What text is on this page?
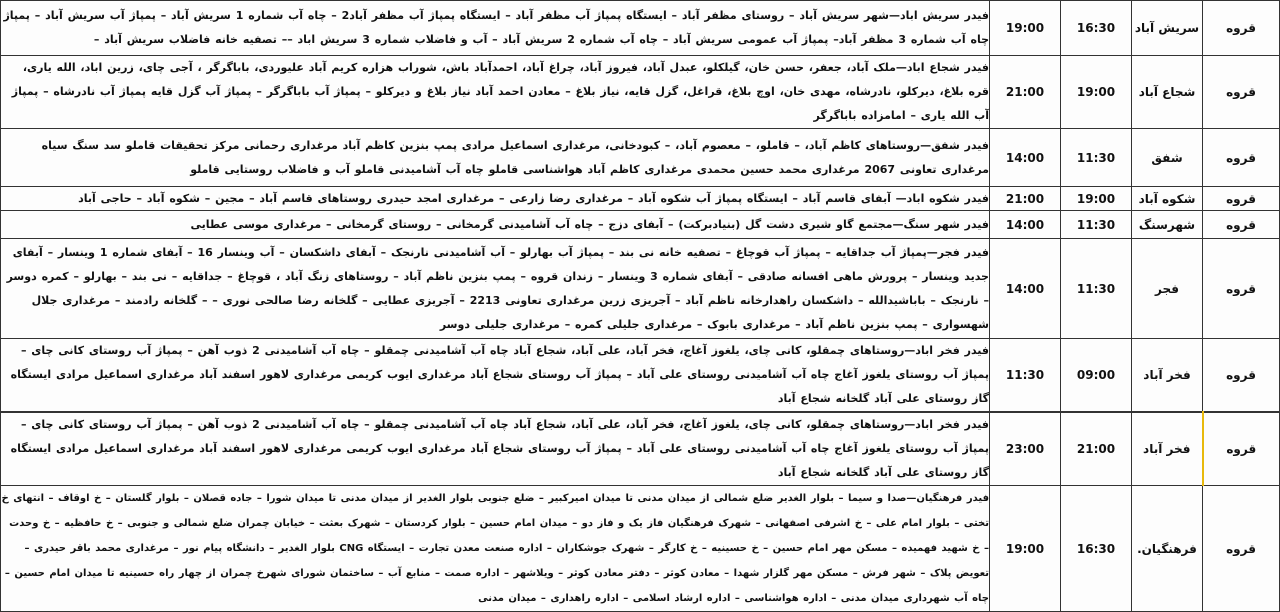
قروه	سریش آباد	16:30	19:00	فیدر سریش اباد—شهر سریش آباد – روستای مظفر آباد – ایستگاه پمپاژ آب مظفر آباد – ایستگاه پمپاژ آب مظفر آباد2 – چاه آب شماره 1 سریش آباد – پمپاژ آب سریش آباد – پمپاژ چاه آب شماره 3 مظفر آباد– پمپاژ آب عمومی سریش آباد – چاه آب شماره 2 سریش آباد – آب و فاضلاب شماره 3 سریش اباد –– تصفیه خانه فاضلاب سریش آباد –
قروه	شجاع آباد	19:00	21:00	فیدر شجاع اباد—ملک آباد، جعفر، حسن خان، گیلکلو، عبدل آباد، فیروز آباد، چراغ آباد، احمدآباد باش، شوراب هزاره کریم آباد علیوردی، باباگرگر ، آجی چای، زرین اباد، الله یاری، قره بلاغ، دیرکلو، نادرشاه، مهدی خان، اوچ بلاغ، قراغل، گزل قایه، نیاز بلاغ – معادن احمد آباد نیاز بلاغ و دیرکلو – پمپاژ آب باباگرگر – پمپاژ آب گزل قایه پمپاژ آب نادرشاه – پمپاژ آب الله یاری – امامزاده باباگرگر
قروه	شفق	11:30	14:00	فیدر شفق—روستاهای کاظم آباد، – قاملو، – معصوم آباد، – کبودخانی، مرغداری اسماعیل مرادی پمپ بنزین کاظم آباد مرغداری رحمانی مرکز تحقیقات قاملو سد سنگ سیاه مرغداری تعاونی 2067 مرغداری محمد حسین محمدی مرغداری کاظم آباد هواشناسی قاملو چاه آب آشامیدنی قاملو آب و فاضلاب روستایی قاملو
قروه	شکوه آباد	19:00	21:00	فیدر شکوه اباد— آبفای قاسم آباد – ایستگاه پمپاژ آب شکوه آباد – مرغداری رضا زارعی – مرغداری امجد حیدری روستاهای قاسم آباد – مجین – شکوه آباد – حاجی آباد
قروه	شهرسنگ	11:30	14:00	فیدر شهر سنگ—مجتمع گاو شیری دشت گل (بنیادبرکت) – آبفای دزج – چاه آب آشامیدنی گرمخانی – روستای گرمخانی – مرغداری موسی عطایی
قروه	فجر	11:30	14:00	فیدر فجر—پمپاژ آب جداقایه – پمپاژ آب قوچاغ – تصفیه خانه نی بند – پمپاژ آب بهارلو – آب آشامیدنی نارنجک – آبفای داشکسان – آب وینسار 16 – آبفای شماره 1 وینسار – آبفای جدید وینسار – پرورش ماهی افسانه صادقی – آبفای شماره 3 وینسار – زندان قروه – پمپ بنزین ناظم آباد – روستاهای زنگ آباد ، قوچاغ – جداقایه – نی بند – بهارلو – کمره دوسر – نارنجک – باباشیدالله – داشکسان راهدارخانه ناظم آباد – آجریزی زرین مرغداری تعاونی 2213 – آجریزی عطایی – گلخانه رضا صالحی نوری – – گلخانه رادمند – مرغداری جلال شهسواری – پمپ بنزین ناظم آباد – مرغداری بابوک – مرغداری جلیلی کمره – مرغداری جلیلی دوسر
قروه	فخر آباد	09:00	11:30	فیدر فخر اباد—روستاهای چمقلو، کانی چای، یلغوز آغاج، فخر آباد، علی آباد، شجاع آباد چاه آب آشامیدنی چمقلو – چاه آب آشامیدنی 2 ذوب آهن – پمپاژ آب روستای کانی چای – پمپاژ آب روستای یلغوز آغاج چاه آب آشامیدنی روستای علی آباد – پمپاژ آب روستای شجاع آباد مرغداری ایوب کریمی مرغداری لاهور اسفند آباد مرغداری اسماعیل مرادی ایستگاه گاز روستای علی آباد گلخانه شجاع آباد
قروه	فخر آباد	21:00	23:00	فیدر فخر اباد—روستاهای چمقلو، کانی چای، یلغوز آغاج، فخر آباد، علی آباد، شجاع آباد چاه آب آشامیدنی چمقلو – چاه آب آشامیدنی 2 ذوب آهن – پمپاژ آب روستای کانی چای – پمپاژ آب روستای یلغوز آغاج چاه آب آشامیدنی روستای علی آباد – پمپاژ آب روستای شجاع آباد مرغداری ایوب کریمی مرغداری لاهور اسفند آباد مرغداری اسماعیل مرادی ایستگاه گاز روستای علی آباد گلخانه شجاع آباد
قروه	فرهنگیان.	16:30	19:00	فیدر فرهنگیان—صدا و سیما – بلوار الغدیر ضلع شمالی از میدان مدنی تا میدان امیرکبیر – ضلع جنوبی بلوار الغدیر از میدان مدنی تا میدان شورا – جاده قصلان – بلوار گلستان – خ اوقاف – انتهای خ تختی – بلوار امام علی – خ اشرفی اصفهانی – شهرک فرهنگیان فاز یک و فاز دو – میدان امام حسین – بلوار کردستان – شهرک بعثت – خیابان چمران ضلع شمالی و جنوبی – خ حافظیه – خ وحدت – خ شهید فهمیده – مسکن مهر امام حسین – خ حسینیه – خ کارگر – شهرک جوشکاران – اداره صنعت معدن تجارت – ایستگاه CNG بلوار الغدیر – دانشگاه پیام نور – مرغداری محمد باقر حیدری – تعویض پلاک – شهر فرش – مسکن مهر گلزار شهدا – معادن کوثر – دفتر معادن کوثر – ویلاشهر – اداره صمت – منابع آب – ساختمان شورای شهرخ چمران از چهار راه حسینیه تا میدان امام حسین – چاه آب شهرداری میدان مدنی – اداره هواشناسی – اداره ارشاد اسلامی – اداره راهداری – میدان مدنی
